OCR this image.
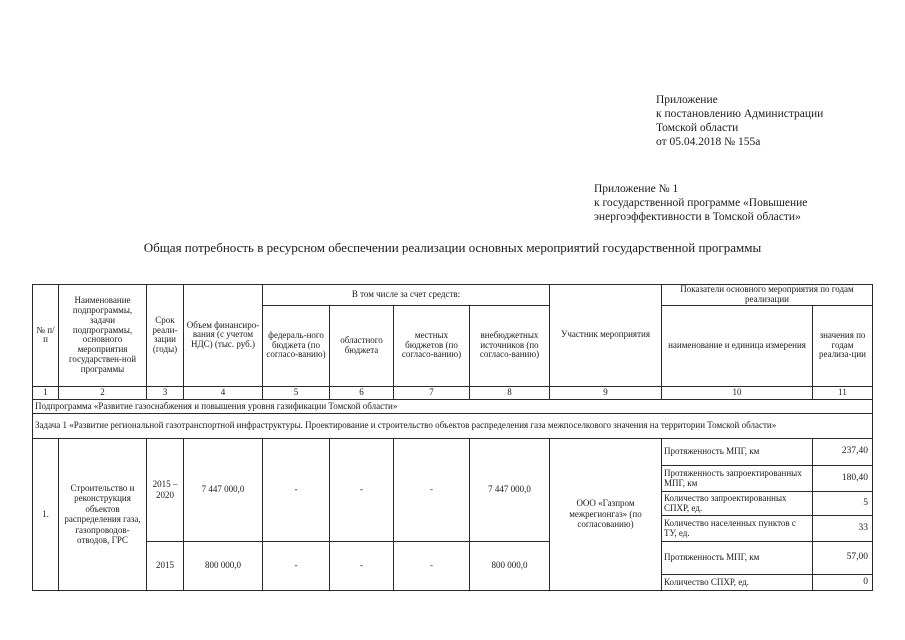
Приложение
к постановлению Администрации
Томской области
от 05.04.2018 № 155а
Приложение № 1
к государственной программе «Повышение
энергоэффективности в Томской области»
Общая потребность в ресурсном обеспечении реализации основных мероприятий государственной программы
№ п/п	Наименование подпрограммы, задачи подпрограммы, основного мероприятия государствен-ной программы	Срок реали-зации (годы)	Объем финансиро-вания (с учетом НДС) (тыс. руб.)	В том числе за счет средств:				Участник мероприятия	Показатели основного мероприятия по годам реализации	
				федераль-ного бюджета (по согласо-ванию)	областного бюджета	местных бюджетов (по согласо-ванию)	внебюджетных источников (по согласо-ванию)		наименование и единица измерения	значения по годам реализа-ции
1	2	3	4	5	6	7	8	9	10	11
Подпрограмма «Развитие газоснабжения и повышения уровня газификации Томской области»										
Задача 1 «Развитие региональной газотранспортной инфраструктуры. Проектирование и строительство объектов распределения газа межпоселкового значения на территории Томской области»										
1.	Строительство и реконструкция объектов распределения газа, газопроводов-отводов, ГРС	2015 – 2020	7 447 000,0	-	-	-	7 447 000,0	ООО «Газпром межрегионгаз» (по согласованию)	Протяженность МПГ, км	237,40
									Протяженность запроектированных МПГ, км	180,40
									Количество запроектированных СПХР, ед.	5
									Количество населенных пунктов с ТУ, ед.	33
		2015	800 000,0	-	-	-	800 000,0		Протяженность МПГ, км	57,00
									Количество СПХР, ед.	0
